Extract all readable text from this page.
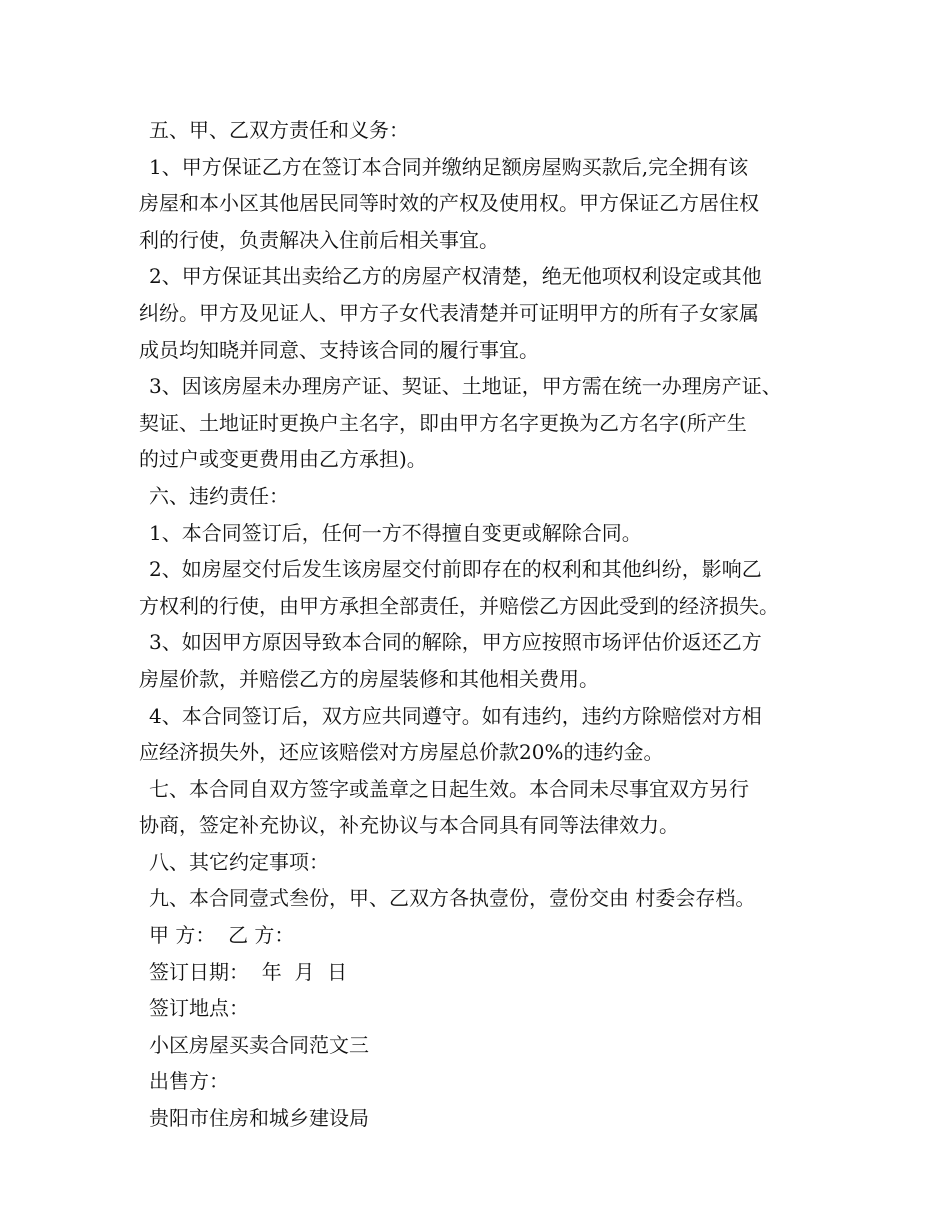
五、甲、乙双方责任和义务：
1、甲方保证乙方在签订本合同并缴纳足额房屋购买款后,完全拥有该
房屋和本小区其他居民同等时效的产权及使用权。甲方保证乙方居住权
利的行使，负责解决入住前后相关事宜。
2、甲方保证其出卖给乙方的房屋产权清楚，绝无他项权利设定或其他
纠纷。甲方及见证人、甲方子女代表清楚并可证明甲方的所有子女家属
成员均知晓并同意、支持该合同的履行事宜。
3、因该房屋未办理房产证、契证、土地证，甲方需在统一办理房产证、
契证、土地证时更换户主名字，即由甲方名字更换为乙方名字(所产生
的过户或变更费用由乙方承担)。
六、违约责任：
1、本合同签订后，任何一方不得擅自变更或解除合同。
2、如房屋交付后发生该房屋交付前即存在的权利和其他纠纷，影响乙
方权利的行使，由甲方承担全部责任，并赔偿乙方因此受到的经济损失。
3、如因甲方原因导致本合同的解除，甲方应按照市场评估价返还乙方
房屋价款，并赔偿乙方的房屋装修和其他相关费用。
4、本合同签订后，双方应共同遵守。如有违约，违约方除赔偿对方相
应经济损失外，还应该赔偿对方房屋总价款20%的违约金。
七、本合同自双方签字或盖章之日起生效。本合同未尽事宜双方另行
协商，签定补充协议，补充协议与本合同具有同等法律效力。
八、其它约定事项：
九、本合同壹式叁份，甲、乙双方各执壹份，壹份交由 村委会存档。
甲 方：  乙 方：
签订日期：  年  月  日
签订地点：
小区房屋买卖合同范文三
出售方：
贵阳市住房和城乡建设局
